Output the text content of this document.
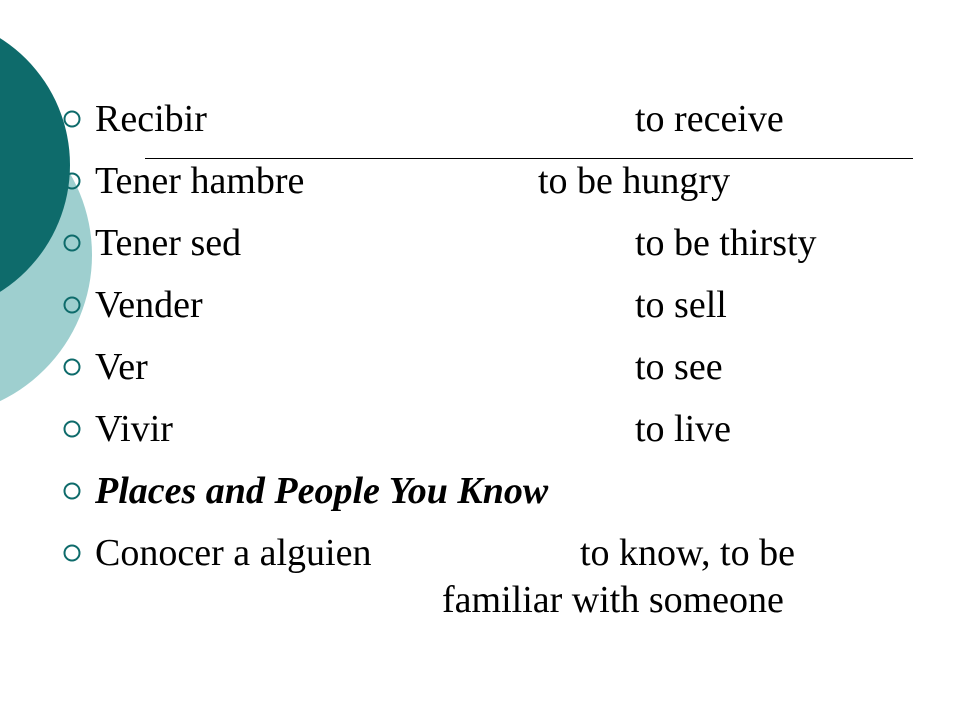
Recibir	to receive
Tener hambre	to be hungry
Tener sed	to be thirsty
Vender	to sell
Ver	to see
Vivir	to live
Places and People You Know
Conocer a alguien	to know, to be
familiar with someone
